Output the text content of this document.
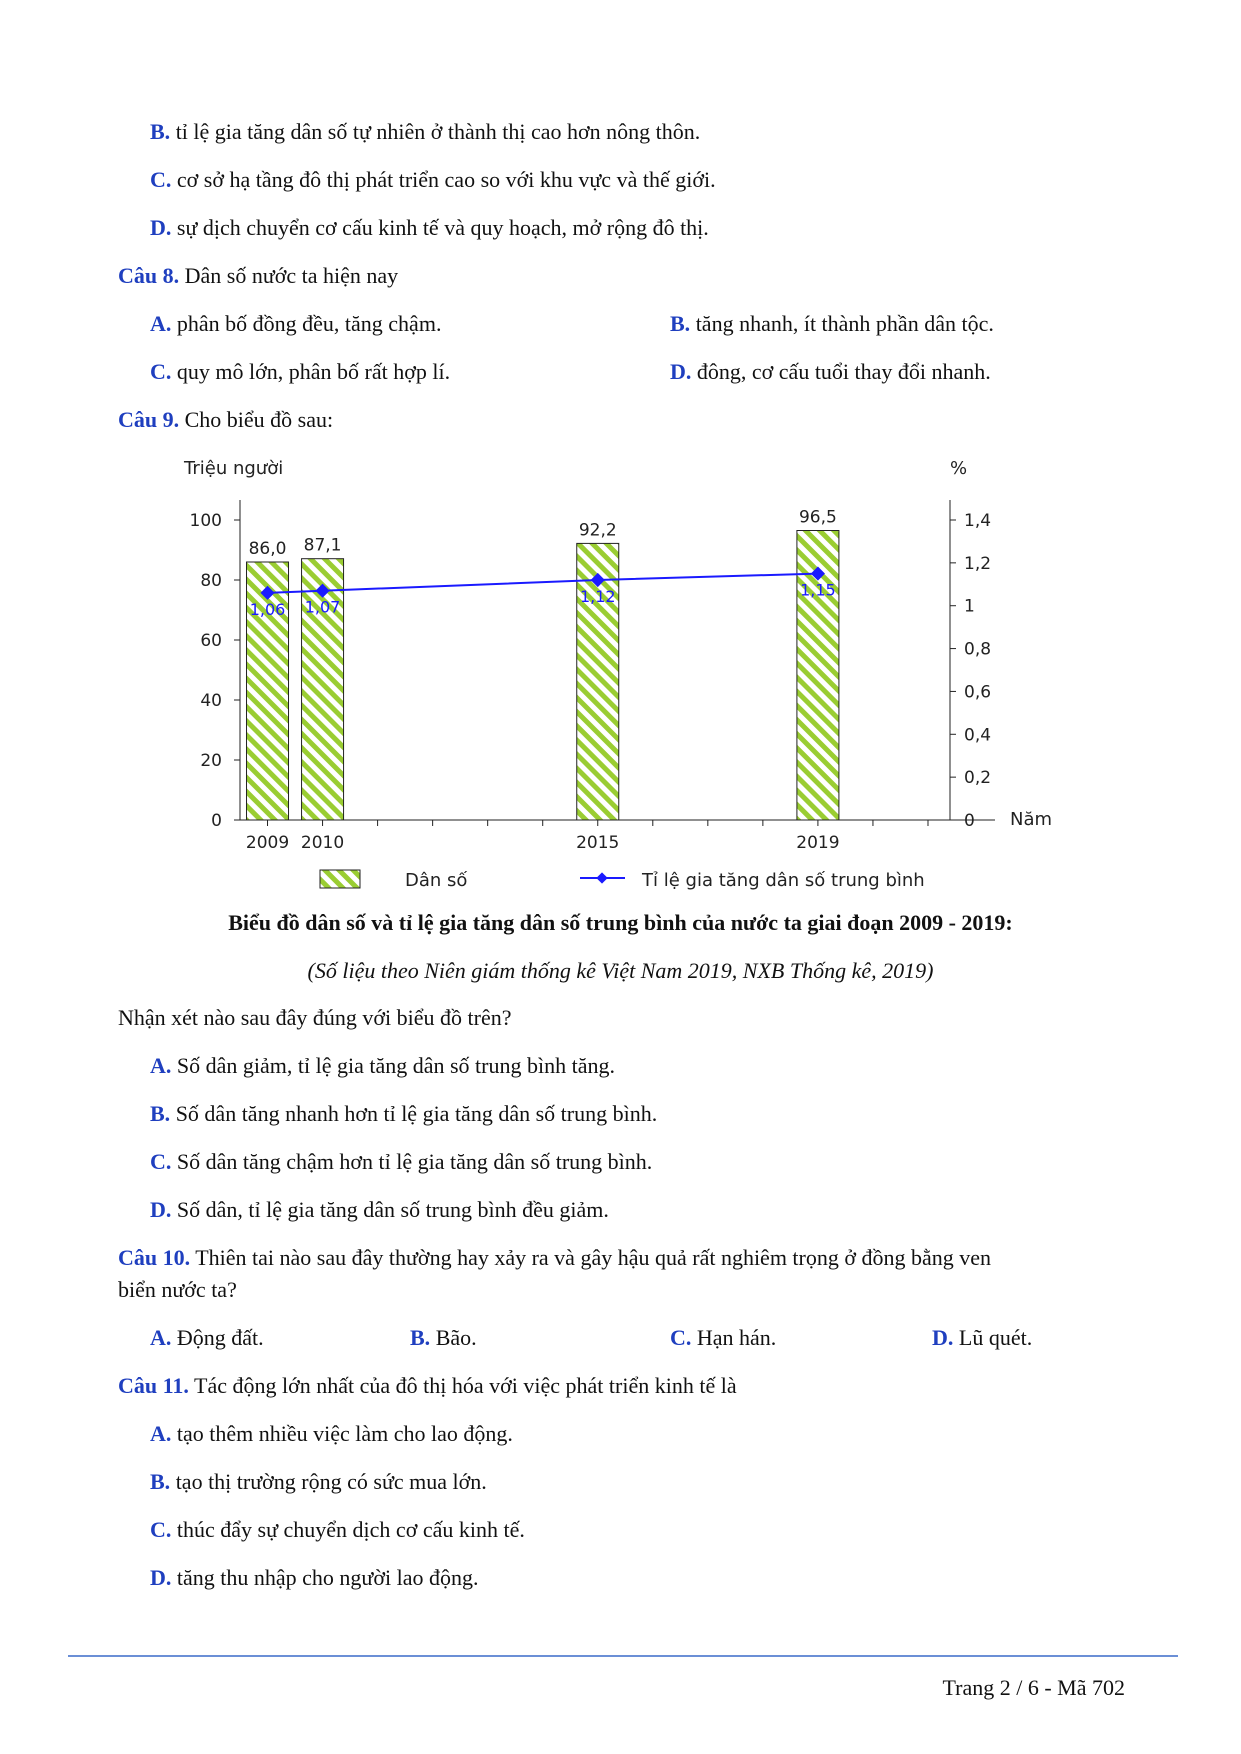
B. tỉ lệ gia tăng dân số tự nhiên ở thành thị cao hơn nông thôn.
C. cơ sở hạ tầng đô thị phát triển cao so với khu vực và thế giới.
D. sự dịch chuyển cơ cấu kinh tế và quy hoạch, mở rộng đô thị.
Câu 8. Dân số nước ta hiện nay
A. phân bố đồng đều, tăng chậm.	B. tăng nhanh, ít thành phần dân tộc.
C. quy mô lớn, phân bố rất hợp lí.	D. đông, cơ cấu tuổi thay đổi nhanh.
Câu 9. Cho biểu đồ sau:
Triệu người	%
Năm
0
20
40
60
80
100
0
0,2
0,4
0,6
0,8
1
1,2
1,4
2009 2010	2015	2019
86,0 87,1
92,2
96,5
1,06 1,07
1,12	1,15
Dân số	Tỉ lệ gia tăng dân số trung bình
Biểu đồ dân số và tỉ lệ gia tăng dân số trung bình của nước ta giai đoạn 2009 - 2019:
(Số liệu theo Niên giám thống kê Việt Nam 2019, NXB Thống kê, 2019)
Nhận xét nào sau đây đúng với biểu đồ trên?
A. Số dân giảm, tỉ lệ gia tăng dân số trung bình tăng.
B. Số dân tăng nhanh hơn tỉ lệ gia tăng dân số trung bình.
C. Số dân tăng chậm hơn tỉ lệ gia tăng dân số trung bình.
D. Số dân, tỉ lệ gia tăng dân số trung bình đều giảm.
Câu 10. Thiên tai nào sau đây thường hay xảy ra và gây hậu quả rất nghiêm trọng ở đồng bằng ven
biển nước ta?
A. Động đất.	B. Bão.	C. Hạn hán.	D. Lũ quét.
Câu 11. Tác động lớn nhất của đô thị hóa với việc phát triển kinh tế là
A. tạo thêm nhiều việc làm cho lao động.
B. tạo thị trường rộng có sức mua lớn.
C. thúc đẩy sự chuyển dịch cơ cấu kinh tế.
D. tăng thu nhập cho người lao động.
Trang 2 / 6 - Mã 702
